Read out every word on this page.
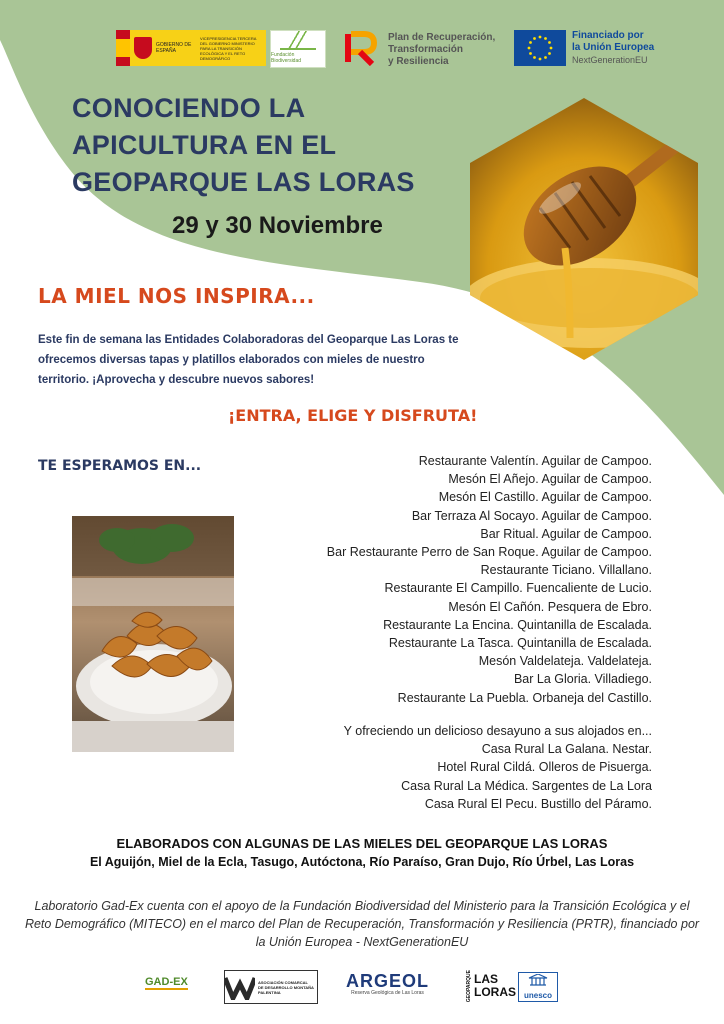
GOBIERNO DE ESPAÑA
VICEPRESIDENCIA TERCERA DEL GOBIERNO MINISTERIO PARA LA TRANSICIÓN ECOLÓGICA Y EL RETO DEMOGRÁFICO	Fundación Biodiversidad
Plan de Recuperación,
Transformación
y Resiliencia
Financiado por
la Unión Europea
NextGenerationEU
CONOCIENDO LA APICULTURA EN EL GEOPARQUE LAS LORAS

29 y 30 Noviembre

LA MIEL NOS INSPIRA...

Este fin de semana las Entidades Colaboradoras del Geoparque Las Loras te ofrecemos diversas tapas y platillos elaborados con mieles de nuestro territorio. ¡Aprovecha y descubre nuevos sabores!

¡ENTRA, ELIGE Y DISFRUTA!

TE ESPERAMOS EN...	Restaurante Valentín. Aguilar de Campoo.
Mesón El Añejo. Aguilar de Campoo.
Mesón El Castillo. Aguilar de Campoo.
Bar Terraza Al Socayo. Aguilar de Campoo.
Bar Ritual. Aguilar de Campoo.
Bar Restaurante Perro de San Roque. Aguilar de Campoo.
Restaurante Ticiano. Villallano.
Restaurante El Campillo. Fuencaliente de Lucio.
Mesón El Cañón. Pesquera de Ebro.
Restaurante La Encina. Quintanilla de Escalada.
Restaurante La Tasca. Quintanilla de Escalada.
Mesón Valdelateja. Valdelateja.
Bar La Gloria. Villadiego.
Restaurante La Puebla. Orbaneja del Castillo.
Y ofreciendo un delicioso desayuno a sus alojados en...
Casa Rural La Galana. Nestar.
Hotel Rural Cildá. Olleros de Pisuerga.
Casa Rural La Médica. Sargentes de La Lora
Casa Rural El Pecu. Bustillo del Páramo.

ELABORADOS CON ALGUNAS DE LAS MIELES DEL GEOPARQUE LAS LORAS

El Aguijón, Miel de la Ecla, Tasugo, Autóctona, Río Paraíso, Gran Dujo, Río Úrbel, Las Loras

Laboratorio Gad-Ex cuenta con el apoyo de la Fundación Biodiversidad del Ministerio para la Transición Ecológica y el Reto Demográfico (MITECO) en el marco del Plan de Recuperación, Transformación y Resiliencia (PRTR), financiado por la Unión Europea - NextGenerationEU

GAD-EX	ASOCIACIÓN COMARCAL DE DESARROLLO MONTAÑA PALENTINA
ARGEOL
Reserva Geológica de Las Loras	GEOPARQUE LAS LORAS unesco
